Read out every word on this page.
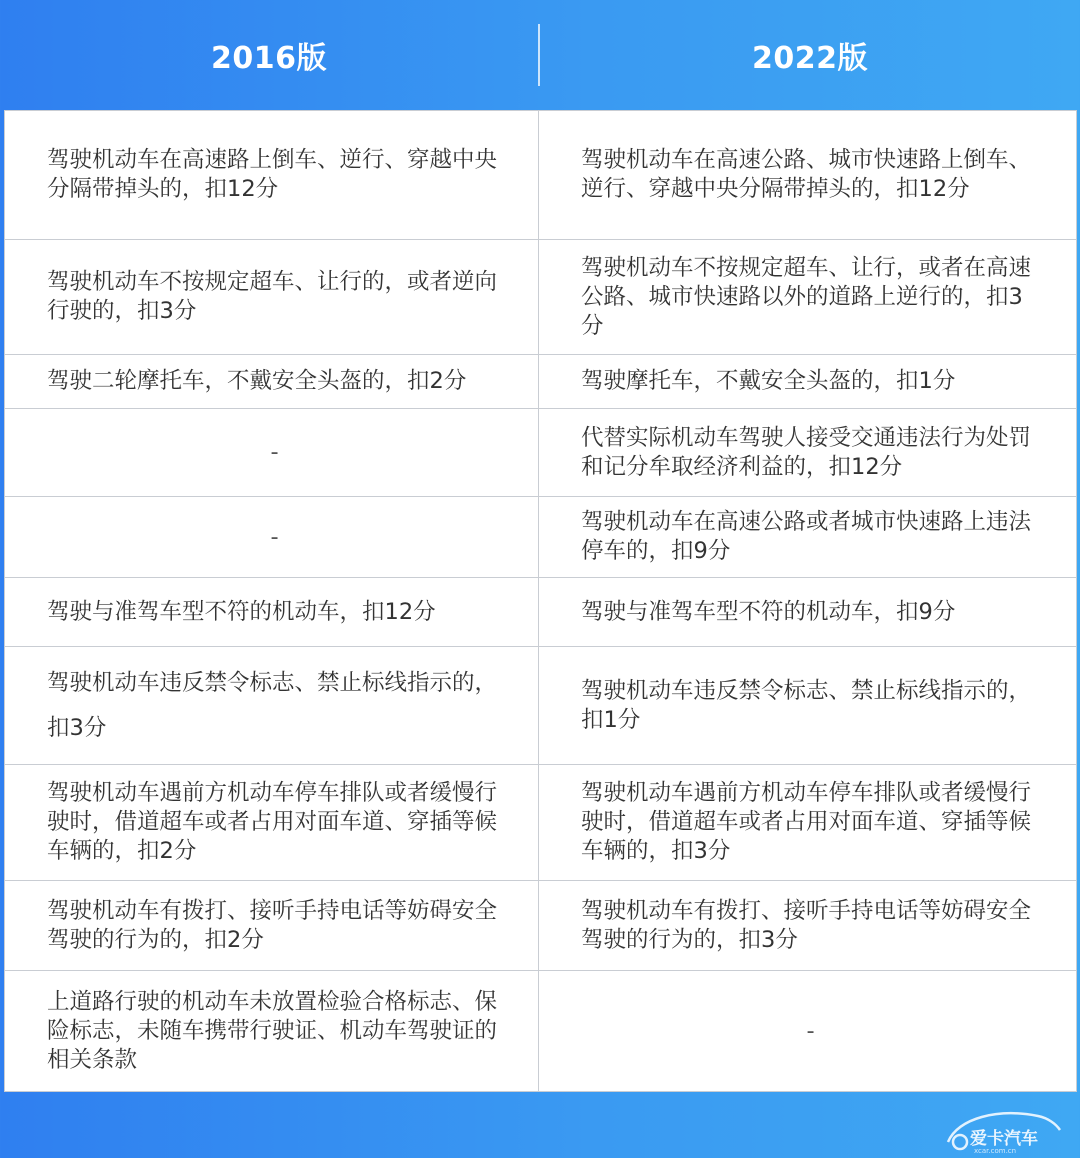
2016版	2022版
驾驶机动车在高速路上倒车、逆行、穿越中央分隔带掉头的，扣12分	驾驶机动车在高速公路、城市快速路上倒车、逆行、穿越中央分隔带掉头的，扣12分
驾驶机动车不按规定超车、让行的，或者逆向行驶的，扣3分	驾驶机动车不按规定超车、让行，或者在高速公路、城市快速路以外的道路上逆行的，扣3分
驾驶二轮摩托车，不戴安全头盔的，扣2分	驾驶摩托车，不戴安全头盔的，扣1分
-	代替实际机动车驾驶人接受交通违法行为处罚和记分牟取经济利益的，扣12分
-	驾驶机动车在高速公路或者城市快速路上违法停车的，扣9分
驾驶与准驾车型不符的机动车，扣12分	驾驶与准驾车型不符的机动车，扣9分
驾驶机动车违反禁令标志、禁止标线指示的，扣3分	驾驶机动车违反禁令标志、禁止标线指示的，扣1分
驾驶机动车遇前方机动车停车排队或者缓慢行驶时，借道超车或者占用对面车道、穿插等候车辆的，扣2分	驾驶机动车遇前方机动车停车排队或者缓慢行驶时，借道超车或者占用对面车道、穿插等候车辆的，扣3分
驾驶机动车有拨打、接听手持电话等妨碍安全驾驶的行为的，扣2分	驾驶机动车有拨打、接听手持电话等妨碍安全驾驶的行为的，扣3分
上道路行驶的机动车未放置检验合格标志、保险标志，未随车携带行驶证、机动车驾驶证的相关条款	-
爱卡汽车
xcar.com.cn
